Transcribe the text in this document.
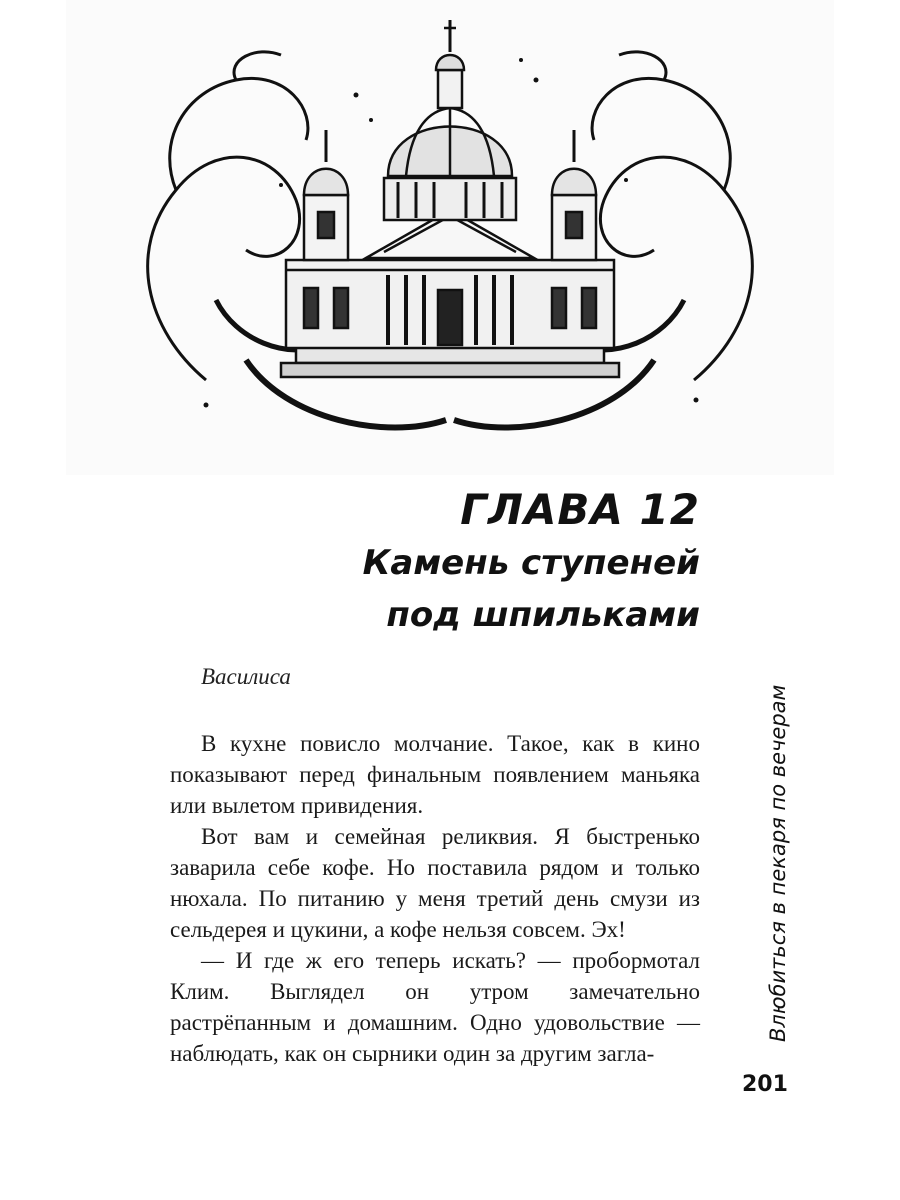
ГЛАВА 12
Камень ступеней
под шпильками
Василиса

В кухне повисло молчание. Такое, как в кино показывают перед финальным появлением маньяка или вылетом привидения.

Вот вам и семейная реликвия. Я быстренько заварила себе кофе. Но поставила рядом и только нюхала. По питанию у меня третий день смузи из сельдерея и цукини, а кофе нельзя совсем. Эх!

— И где ж его теперь искать? — пробормотал Клим. Выглядел он утром замечательно растрёпанным и домашним. Одно удовольствие — наблюдать, как он сырники один за другим загла-

Влюбиться в пекаря по вечерам
201
